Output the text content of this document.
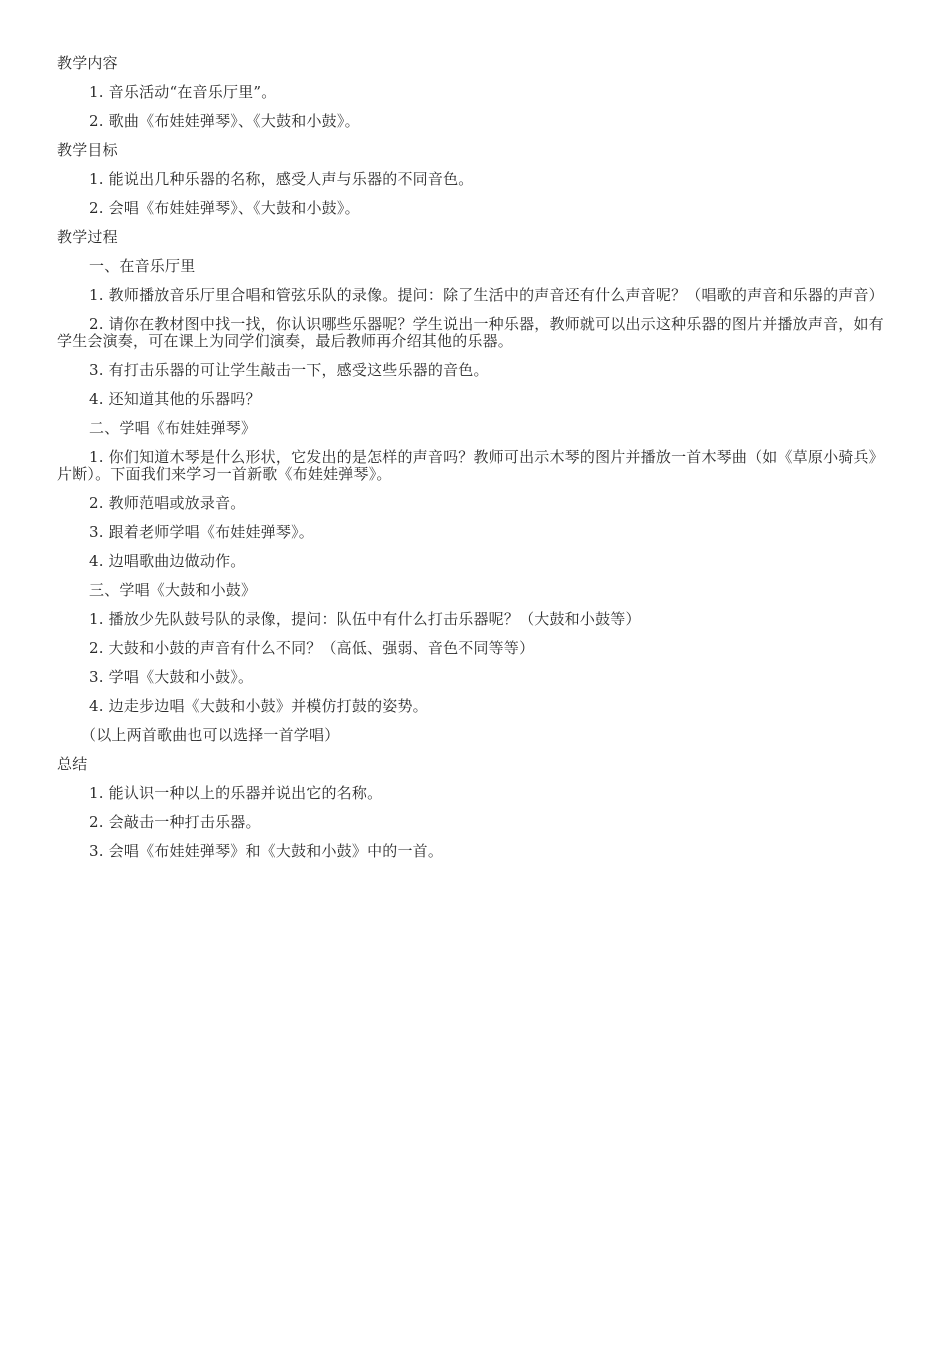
教学内容

1. 音乐活动“在音乐厅里”。

2. 歌曲《布娃娃弹琴》、《大鼓和小鼓》。

教学目标

1. 能说出几种乐器的名称，感受人声与乐器的不同音色。

2. 会唱《布娃娃弹琴》、《大鼓和小鼓》。

教学过程

一、在音乐厅里

1. 教师播放音乐厅里合唱和管弦乐队的录像。提问：除了生活中的声音还有什么声音呢？（唱歌的声音和乐器的声音）

2. 请你在教材图中找一找，你认识哪些乐器呢？学生说出一种乐器，教师就可以出示这种乐器的图片并播放声音，如有学生会演奏，可在课上为同学们演奏，最后教师再介绍其他的乐器。

3. 有打击乐器的可让学生敲击一下，感受这些乐器的音色。

4. 还知道其他的乐器吗？

二、学唱《布娃娃弹琴》

1. 你们知道木琴是什么形状，它发出的是怎样的声音吗？教师可出示木琴的图片并播放一首木琴曲（如《草原小骑兵》片断）。下面我们来学习一首新歌《布娃娃弹琴》。

2. 教师范唱或放录音。

3. 跟着老师学唱《布娃娃弹琴》。

4. 边唱歌曲边做动作。

三、学唱《大鼓和小鼓》

1. 播放少先队鼓号队的录像，提问：队伍中有什么打击乐器呢？（大鼓和小鼓等）

2. 大鼓和小鼓的声音有什么不同？（高低、强弱、音色不同等等）

3. 学唱《大鼓和小鼓》。

4. 边走步边唱《大鼓和小鼓》并模仿打鼓的姿势。

（以上两首歌曲也可以选择一首学唱）

总结

1. 能认识一种以上的乐器并说出它的名称。

2. 会敲击一种打击乐器。

3. 会唱《布娃娃弹琴》和《大鼓和小鼓》中的一首。
